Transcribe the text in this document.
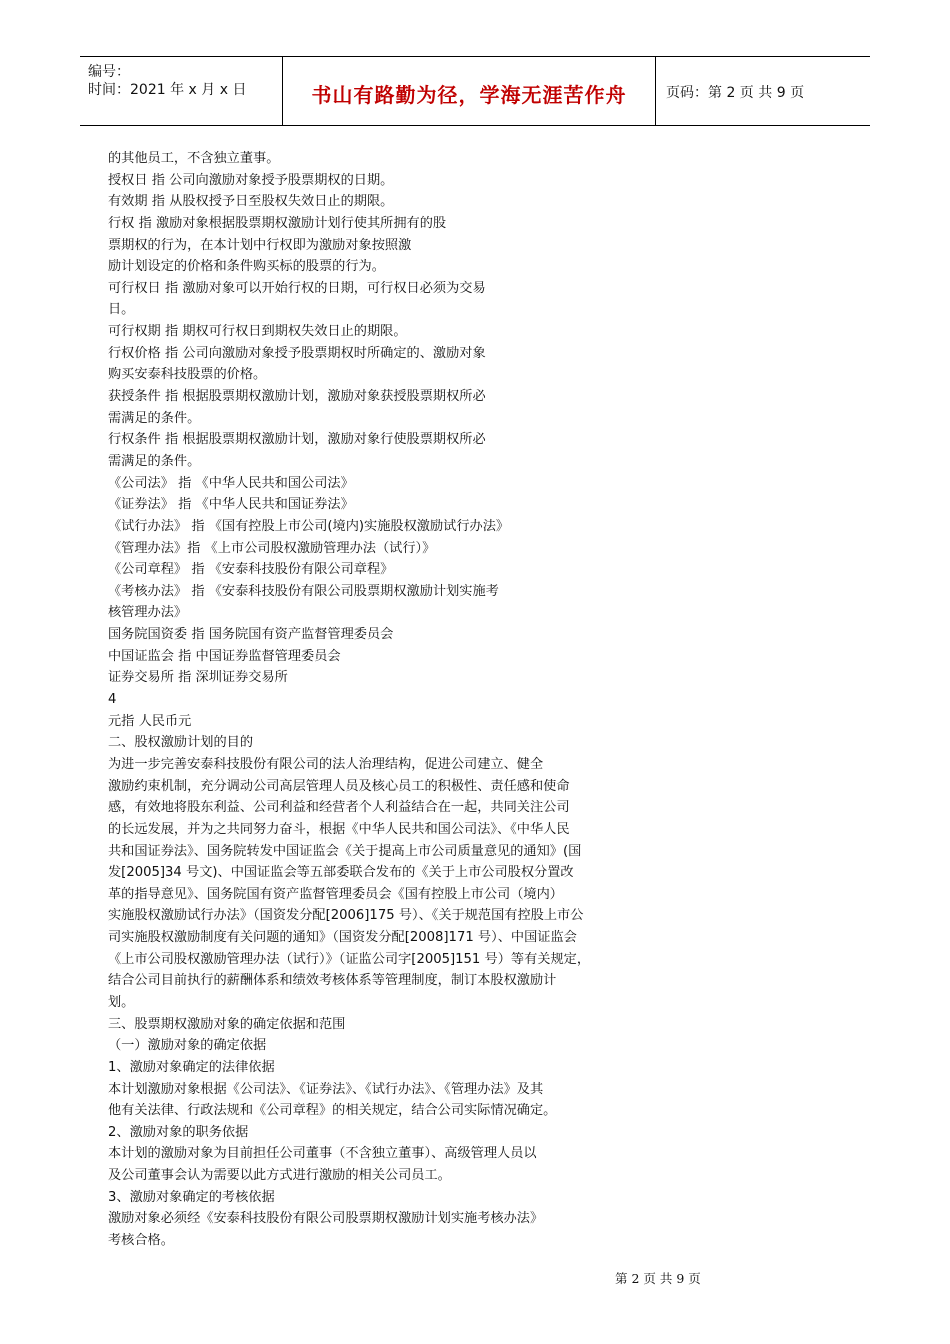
编号：
时间：2021 年 x 月 x 日	书山有路勤为径，学海无涯苦作舟	页码：第 2 页 共 9 页
的其他员工，不含独立董事。
授权日 指 公司向激励对象授予股票期权的日期。
有效期 指 从股权授予日至股权失效日止的期限。
行权 指 激励对象根据股票期权激励计划行使其所拥有的股
票期权的行为，在本计划中行权即为激励对象按照激
励计划设定的价格和条件购买标的股票的行为。
可行权日 指 激励对象可以开始行权的日期，可行权日必须为交易
日。
可行权期 指 期权可行权日到期权失效日止的期限。
行权价格 指 公司向激励对象授予股票期权时所确定的、激励对象
购买安泰科技股票的价格。
获授条件 指 根据股票期权激励计划，激励对象获授股票期权所必
需满足的条件。
行权条件 指 根据股票期权激励计划，激励对象行使股票期权所必
需满足的条件。
《公司法》 指 《中华人民共和国公司法》
《证券法》 指 《中华人民共和国证券法》
《试行办法》 指 《国有控股上市公司(境内)实施股权激励试行办法》
《管理办法》指 《上市公司股权激励管理办法（试行）》
《公司章程》 指 《安泰科技股份有限公司章程》
《考核办法》 指 《安泰科技股份有限公司股票期权激励计划实施考
核管理办法》
国务院国资委 指 国务院国有资产监督管理委员会
中国证监会 指 中国证券监督管理委员会
证券交易所 指 深圳证券交易所
4
元指 人民币元
二、股权激励计划的目的
为进一步完善安泰科技股份有限公司的法人治理结构，促进公司建立、健全
激励约束机制，充分调动公司高层管理人员及核心员工的积极性、责任感和使命
感，有效地将股东利益、公司利益和经营者个人利益结合在一起，共同关注公司
的长远发展，并为之共同努力奋斗，根据《中华人民共和国公司法》、《中华人民
共和国证券法》、国务院转发中国证监会《关于提高上市公司质量意见的通知》(国
发[2005]34 号文)、中国证监会等五部委联合发布的《关于上市公司股权分置改
革的指导意见》、国务院国有资产监督管理委员会《国有控股上市公司（境内）
实施股权激励试行办法》（国资发分配[2006]175 号）、《关于规范国有控股上市公
司实施股权激励制度有关问题的通知》（国资发分配[2008]171 号）、中国证监会
《上市公司股权激励管理办法（试行）》（证监公司字[2005]151 号）等有关规定，
结合公司目前执行的薪酬体系和绩效考核体系等管理制度，制订本股权激励计
划。
三、股票期权激励对象的确定依据和范围
（一）激励对象的确定依据
1、激励对象确定的法律依据
本计划激励对象根据《公司法》、《证券法》、《试行办法》、《管理办法》及其
他有关法律、行政法规和《公司章程》的相关规定，结合公司实际情况确定。
2、激励对象的职务依据
本计划的激励对象为目前担任公司董事（不含独立董事）、高级管理人员以
及公司董事会认为需要以此方式进行激励的相关公司员工。
3、激励对象确定的考核依据
激励对象必须经《安泰科技股份有限公司股票期权激励计划实施考核办法》
考核合格。
第 2 页 共 9 页
